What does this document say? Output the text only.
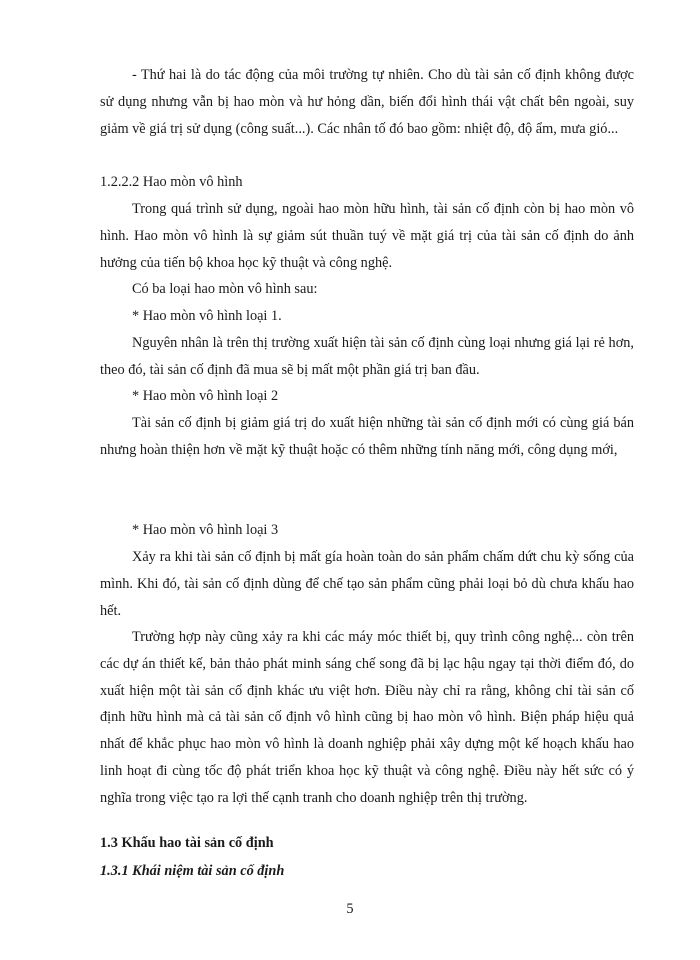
- Thứ hai là do tác động của môi trường tự nhiên. Cho dù tài sản cố định không được sử dụng nhưng vẫn bị hao mòn và hư hỏng dần, biến đổi hình thái vật chất bên ngoài, suy giảm về giá trị sử dụng (công suất...). Các nhân tố đó bao gồm: nhiệt độ, độ ẩm, mưa gió...

1.2.2.2 Hao mòn vô hình

Trong quá trình sử dụng, ngoài hao mòn hữu hình, tài sản cố định còn bị hao mòn vô hình. Hao mòn vô hình là sự giảm sút thuần tuý về mặt giá trị của tài sản cố định do ảnh hưởng của tiến bộ khoa học kỹ thuật và công nghệ.

Có ba loại hao mòn vô hình sau:

* Hao mòn vô hình loại 1.

Nguyên nhân là trên thị trường xuất hiện tài sản cố định cùng loại nhưng giá lại rẻ hơn, theo đó, tài sản cố định đã mua sẽ bị mất một phần giá trị ban đầu.

* Hao mòn vô hình loại 2

Tài sản cố định bị giảm giá trị do xuất hiện những tài sản cố định mới có cùng giá bán nhưng hoàn thiện hơn về mặt kỹ thuật hoặc có thêm những tính năng mới, công dụng mới,

* Hao mòn vô hình loại 3

Xảy ra khi tài sản cố định bị mất gía hoàn toàn do sản phẩm chấm dứt chu kỳ sống của mình. Khi đó, tài sản cố định dùng để chế tạo sản phẩm cũng phải loại bỏ dù chưa khấu hao hết.

Trường hợp này cũng xảy ra khi các máy móc thiết bị, quy trình công nghệ... còn trên các dự án thiết kế, bản thảo phát minh sáng chế song đã bị lạc hậu ngay tại thời điểm đó, do xuất hiện một tài sản cố định khác ưu việt hơn. Điều này chỉ ra rằng, không chỉ tài sản cố định hữu hình mà cả tài sản cố định vô hình cũng bị hao mòn vô hình. Biện pháp hiệu quả nhất để khắc phục hao mòn vô hình là doanh nghiệp phải xây dựng một kế hoạch khấu hao linh hoạt đi cùng tốc độ phát triển khoa học kỹ thuật và công nghệ. Điều này hết sức có ý nghĩa trong việc tạo ra lợi thế cạnh tranh cho doanh nghiệp trên thị trường.

1.3 Khấu hao tài sản cố định

1.3.1 Khái niệm tài sản cố định

5
